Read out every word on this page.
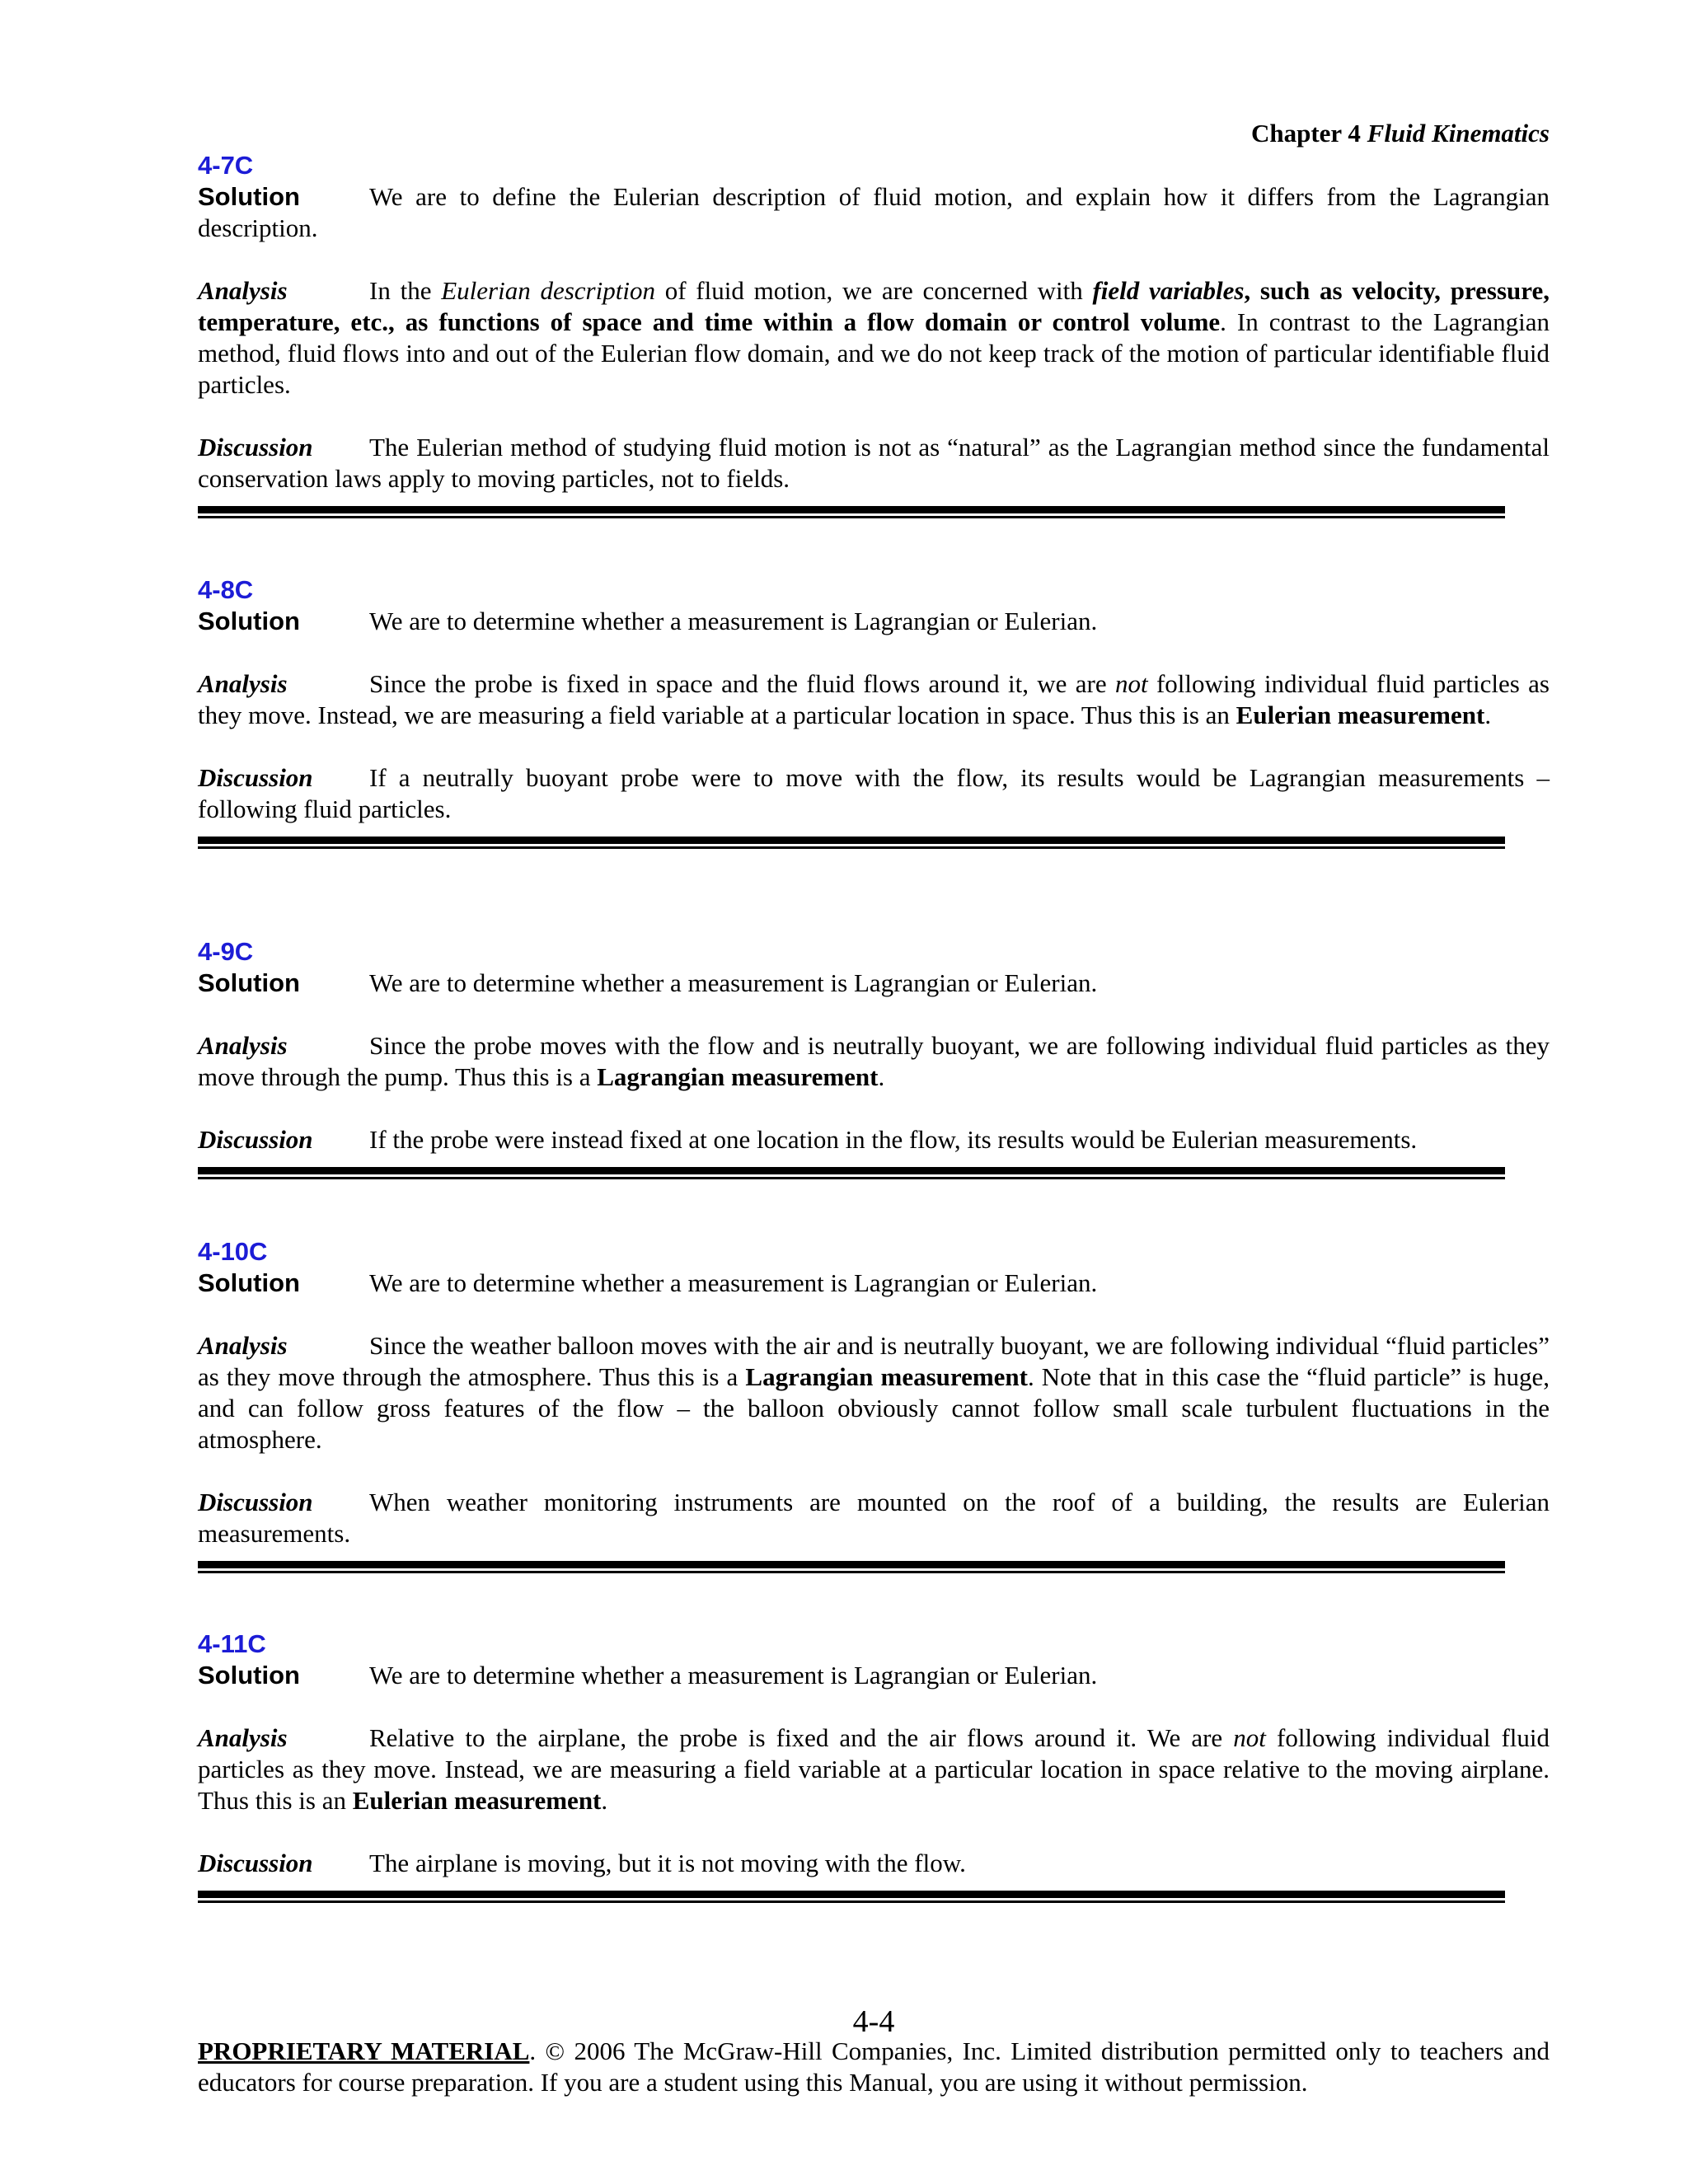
Chapter 4 Fluid Kinematics
4-7C

Solution	We are to define the Eulerian description of fluid motion, and explain how it differs from the Lagrangian description.

Analysis	In the Eulerian description of fluid motion, we are concerned with field variables, such as velocity, pressure, temperature, etc., as functions of space and time within a flow domain or control volume. In contrast to the Lagrangian method, fluid flows into and out of the Eulerian flow domain, and we do not keep track of the motion of particular identifiable fluid particles.

Discussion The Eulerian method of studying fluid motion is not as “natural” as the Lagrangian method since the fundamental conservation laws apply to moving particles, not to fields.

4-8C

Solution	We are to determine whether a measurement is Lagrangian or Eulerian.

Analysis	Since the probe is fixed in space and the fluid flows around it, we are not following individual fluid particles as they move. Instead, we are measuring a field variable at a particular location in space. Thus this is an Eulerian measurement.

Discussion If a neutrally buoyant probe were to move with the flow, its results would be Lagrangian measurements – following fluid particles.

4-9C

Solution	We are to determine whether a measurement is Lagrangian or Eulerian.

Analysis	Since the probe moves with the flow and is neutrally buoyant, we are following individual fluid particles as they move through the pump. Thus this is a Lagrangian measurement.

Discussion If the probe were instead fixed at one location in the flow, its results would be Eulerian measurements.

4-10C

Solution	We are to determine whether a measurement is Lagrangian or Eulerian.

Analysis	Since the weather balloon moves with the air and is neutrally buoyant, we are following individual “fluid particles” as they move through the atmosphere. Thus this is a Lagrangian measurement. Note that in this case the “fluid particle” is huge, and can follow gross features of the flow – the balloon obviously cannot follow small scale turbulent fluctuations in the atmosphere.

Discussion When weather monitoring instruments are mounted on the roof of a building, the results are Eulerian measurements.

4-11C

Solution	We are to determine whether a measurement is Lagrangian or Eulerian.

Analysis	Relative to the airplane, the probe is fixed and the air flows around it. We are not following individual fluid particles as they move. Instead, we are measuring a field variable at a particular location in space relative to the moving airplane. Thus this is an Eulerian measurement.

Discussion The airplane is moving, but it is not moving with the flow.

4-4
PROPRIETARY MATERIAL. © 2006 The McGraw-Hill Companies, Inc. Limited distribution permitted only to teachers and educators for course preparation. If you are a student using this Manual, you are using it without permission.
